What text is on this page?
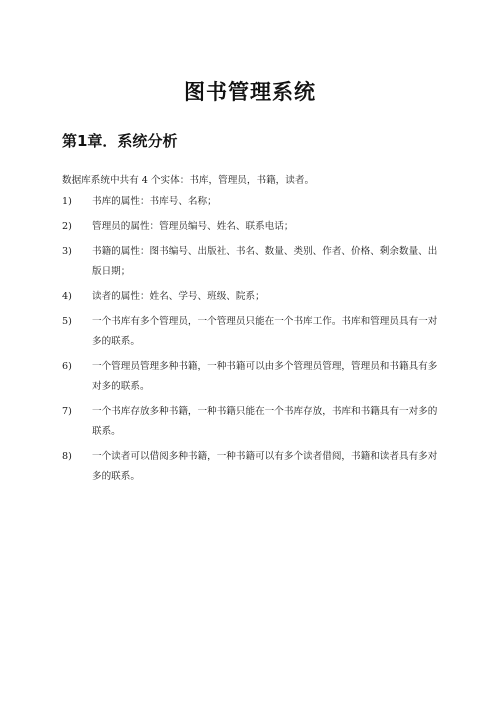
图书管理系统
第1章．系统分析
数据库系统中共有 4 个实体：书库，管理员，书籍，读者。
1)	书库的属性：书库号、名称；
2)	管理员的属性：管理员编号、姓名、联系电话；
3)	书籍的属性：图书编号、出版社、书名、数量、类别、作者、价格、剩余数量、出版日期；
4)	读者的属性：姓名、学号、班级、院系；
5)	一个书库有多个管理员，一个管理员只能在一个书库工作。书库和管理员具有一对多的联系。
6)	一个管理员管理多种书籍，一种书籍可以由多个管理员管理，管理员和书籍具有多对多的联系。
7)	一个书库存放多种书籍，一种书籍只能在一个书库存放，书库和书籍具有一对多的联系。
8)	一个读者可以借阅多种书籍，一种书籍可以有多个读者借阅，书籍和读者具有多对多的联系。
